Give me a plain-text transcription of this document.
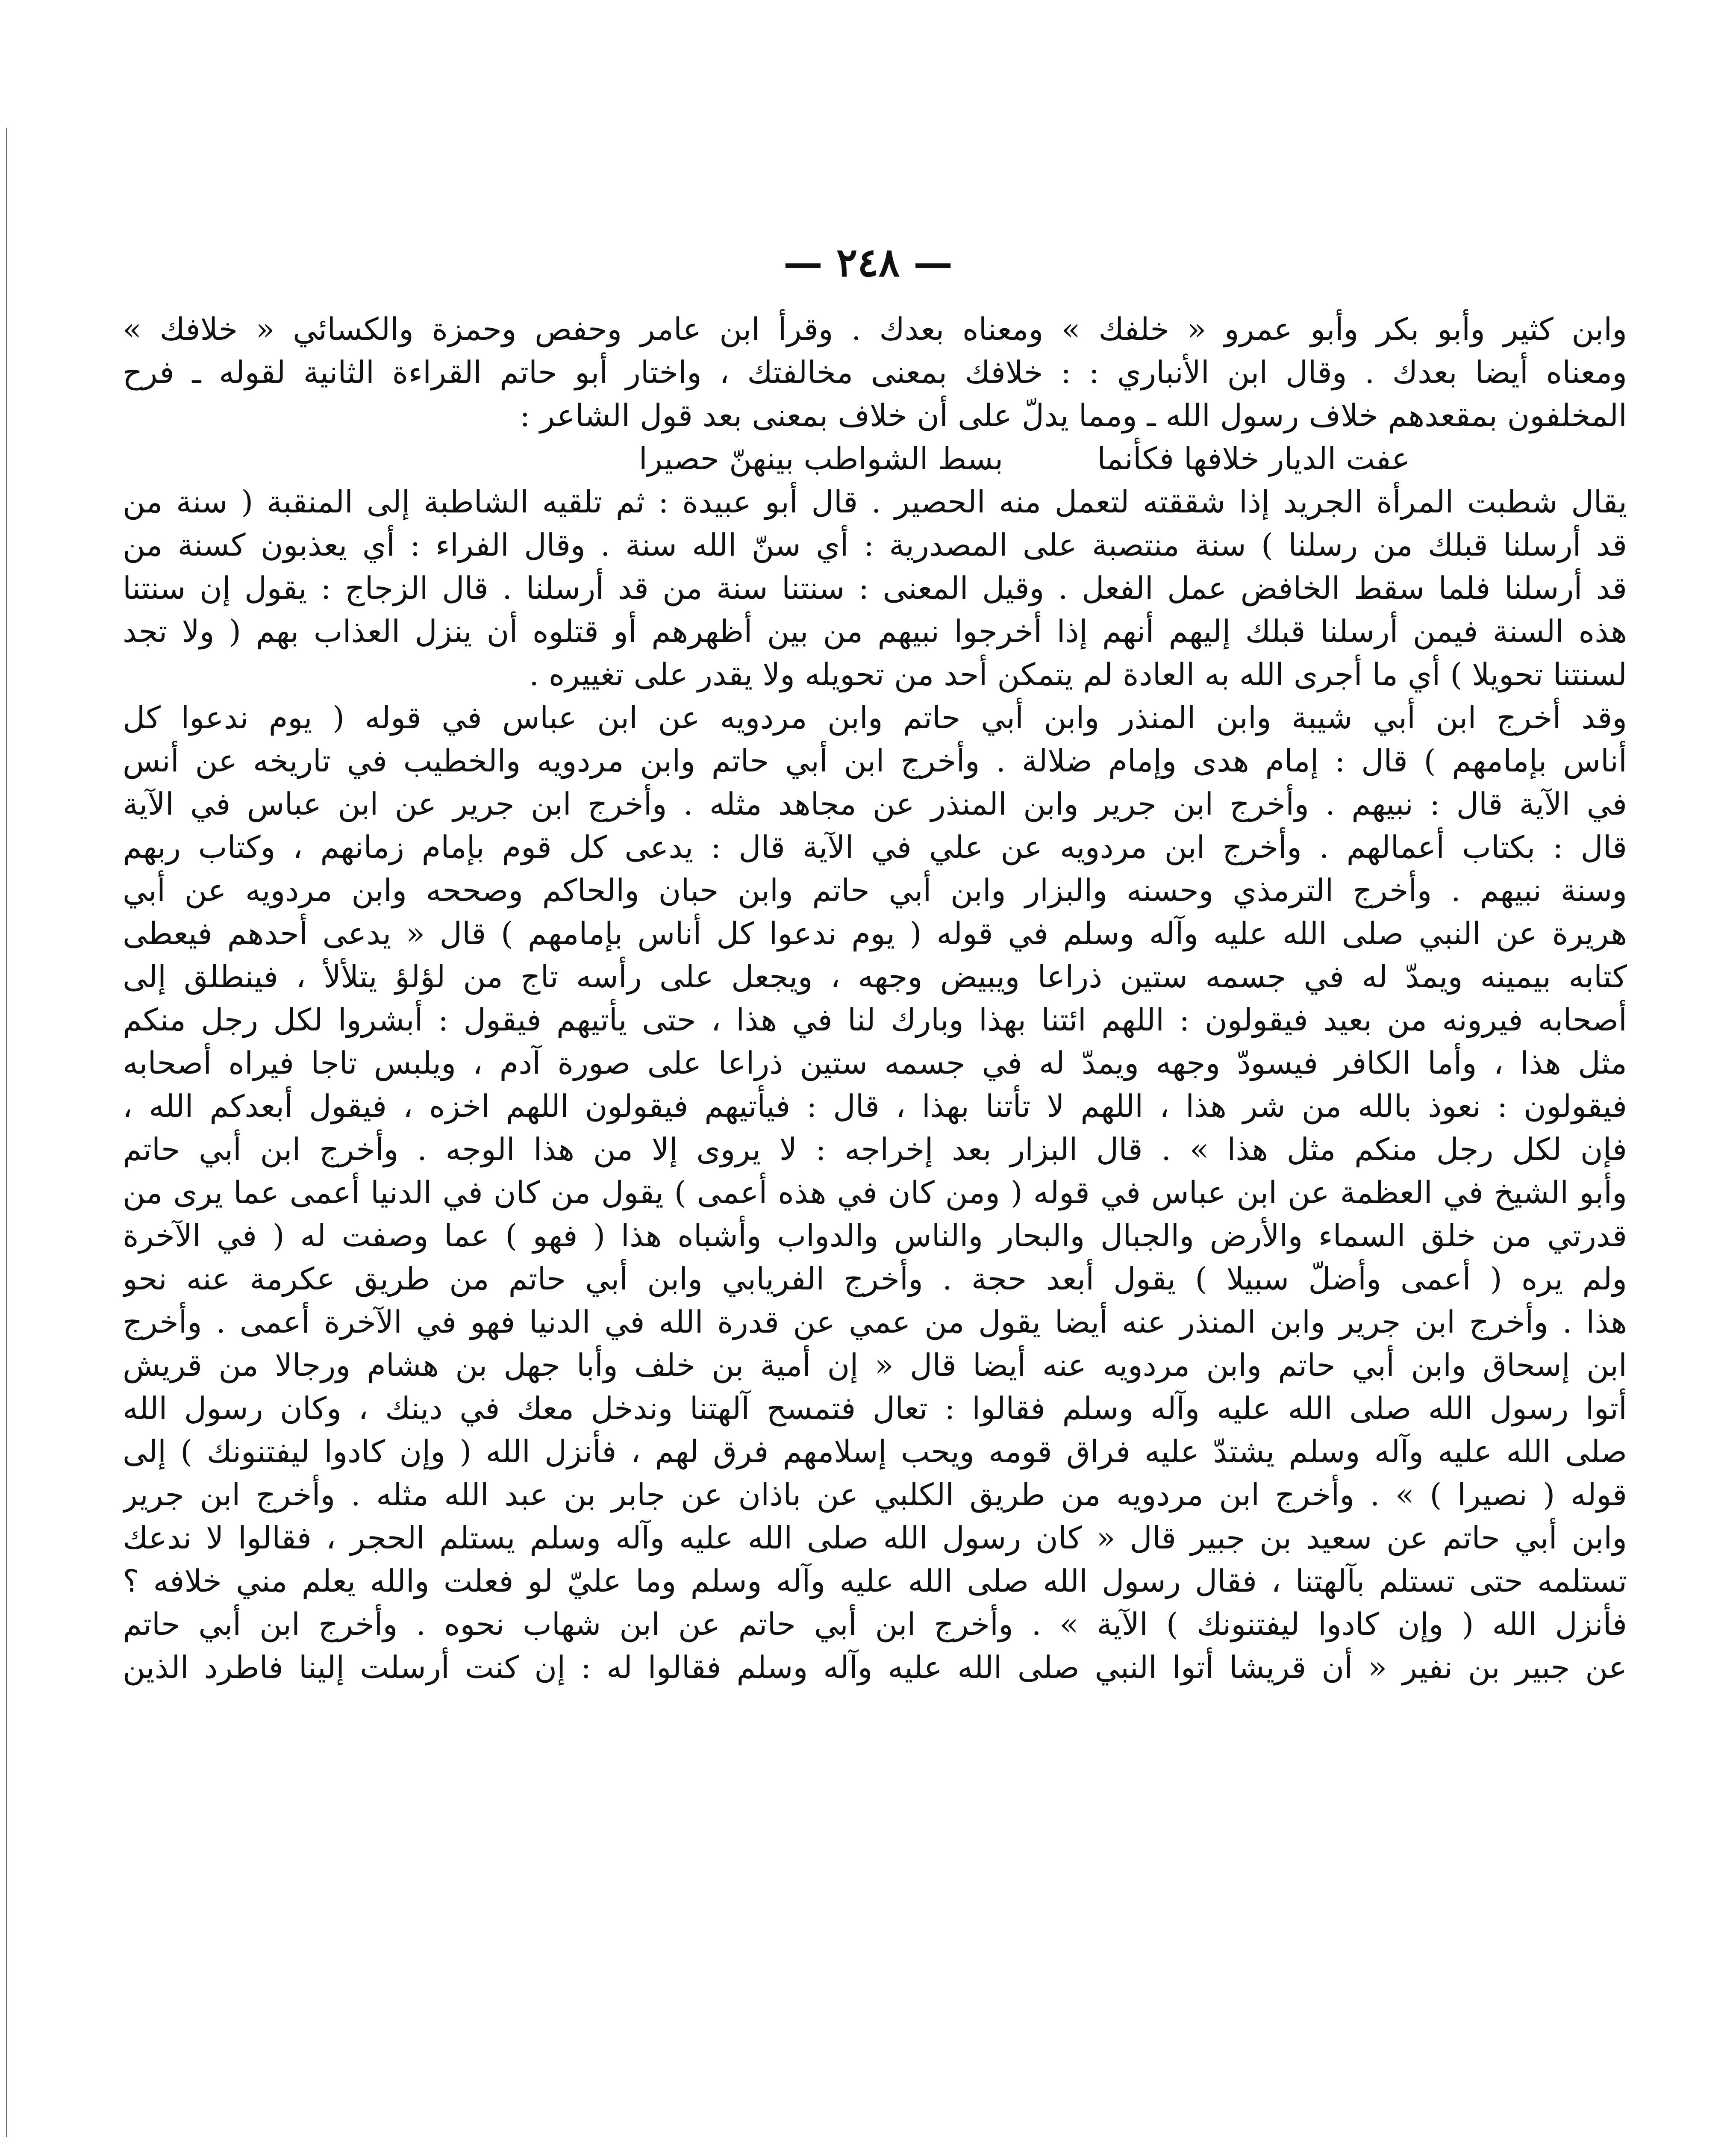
— ٢٤٨ —
وابن كثير وأبو بكر وأبو عمرو « خلفك » ومعناه بعدك . وقرأ ابن عامر وحفص وحمزة والكسائي « خلافك »
ومعناه أيضا بعدك . وقال ابن الأنباري : : خلافك بمعنى مخالفتك ، واختار أبو حاتم القراءة الثانية لقوله ـ فرح
المخلفون بمقعدهم خلاف رسول الله ـ ومما يدلّ على أن خلاف بمعنى بعد قول الشاعر :
عفت الديار خلافها فكأنما
بسط الشواطب بينهنّ حصيرا
يقال شطبت المرأة الجريد إذا شققته لتعمل منه الحصير . قال أبو عبيدة : ثم تلقيه الشاطبة إلى المنقبة ( سنة من
قد أرسلنا قبلك من رسلنا ) سنة منتصبة على المصدرية : أي سنّ الله سنة . وقال الفراء : أي يعذبون كسنة من
قد أرسلنا فلما سقط الخافض عمل الفعل . وقيل المعنى : سنتنا سنة من قد أرسلنا . قال الزجاج : يقول إن سنتنا
هذه السنة فيمن أرسلنا قبلك إليهم أنهم إذا أخرجوا نبيهم من بين أظهرهم أو قتلوه أن ينزل العذاب بهم ( ولا تجد
لسنتنا تحويلا ) أي ما أجرى الله به العادة لم يتمكن أحد من تحويله ولا يقدر على تغييره .
وقد أخرج ابن أبي شيبة وابن المنذر وابن أبي حاتم وابن مردويه عن ابن عباس في قوله ( يوم ندعوا كل
أناس بإمامهم ) قال : إمام هدى وإمام ضلالة . وأخرج ابن أبي حاتم وابن مردويه والخطيب في تاريخه عن أنس
في الآية قال : نبيهم . وأخرج ابن جرير وابن المنذر عن مجاهد مثله . وأخرج ابن جرير عن ابن عباس في الآية
قال : بكتاب أعمالهم . وأخرج ابن مردويه عن علي في الآية قال : يدعى كل قوم بإمام زمانهم ، وكتاب ربهم
وسنة نبيهم . وأخرج الترمذي وحسنه والبزار وابن أبي حاتم وابن حبان والحاكم وصححه وابن مردويه عن أبي
هريرة عن النبي صلى الله عليه وآله وسلم في قوله ( يوم ندعوا كل أناس بإمامهم ) قال « يدعى أحدهم فيعطى
كتابه بيمينه ويمدّ له في جسمه ستين ذراعا ويبيض وجهه ، ويجعل على رأسه تاج من لؤلؤ يتلألأ ، فينطلق إلى
أصحابه فيرونه من بعيد فيقولون : اللهم ائتنا بهذا وبارك لنا في هذا ، حتى يأتيهم فيقول : أبشروا لكل رجل منكم
مثل هذا ، وأما الكافر فيسودّ وجهه ويمدّ له في جسمه ستين ذراعا على صورة آدم ، ويلبس تاجا فيراه أصحابه
فيقولون : نعوذ بالله من شر هذا ، اللهم لا تأتنا بهذا ، قال : فيأتيهم فيقولون اللهم اخزه ، فيقول أبعدكم الله ،
فإن لكل رجل منكم مثل هذا » . قال البزار بعد إخراجه : لا يروى إلا من هذا الوجه . وأخرج ابن أبي حاتم
وأبو الشيخ في العظمة عن ابن عباس في قوله ( ومن كان في هذه أعمى ) يقول من كان في الدنيا أعمى عما يرى من
قدرتي من خلق السماء والأرض والجبال والبحار والناس والدواب وأشباه هذا ( فهو ) عما وصفت له ( في الآخرة
ولم يره ( أعمى وأضلّ سبيلا ) يقول أبعد حجة . وأخرج الفريابي وابن أبي حاتم من طريق عكرمة عنه نحو
هذا . وأخرج ابن جرير وابن المنذر عنه أيضا يقول من عمي عن قدرة الله في الدنيا فهو في الآخرة أعمى . وأخرج
ابن إسحاق وابن أبي حاتم وابن مردويه عنه أيضا قال « إن أمية بن خلف وأبا جهل بن هشام ورجالا من قريش
أتوا رسول الله صلى الله عليه وآله وسلم فقالوا : تعال فتمسح آلهتنا وندخل معك في دينك ، وكان رسول الله
صلى الله عليه وآله وسلم يشتدّ عليه فراق قومه ويحب إسلامهم فرق لهم ، فأنزل الله ( وإن كادوا ليفتنونك ) إلى
قوله ( نصيرا ) » . وأخرج ابن مردويه من طريق الكلبي عن باذان عن جابر بن عبد الله مثله . وأخرج ابن جرير
وابن أبي حاتم عن سعيد بن جبير قال « كان رسول الله صلى الله عليه وآله وسلم يستلم الحجر ، فقالوا لا ندعك
تستلمه حتى تستلم بآلهتنا ، فقال رسول الله صلى الله عليه وآله وسلم وما عليّ لو فعلت والله يعلم مني خلافه ؟
فأنزل الله ( وإن كادوا ليفتنونك ) الآية » . وأخرج ابن أبي حاتم عن ابن شهاب نحوه . وأخرج ابن أبي حاتم
عن جبير بن نفير « أن قريشا أتوا النبي صلى الله عليه وآله وسلم فقالوا له : إن كنت أرسلت إلينا فاطرد الذين
